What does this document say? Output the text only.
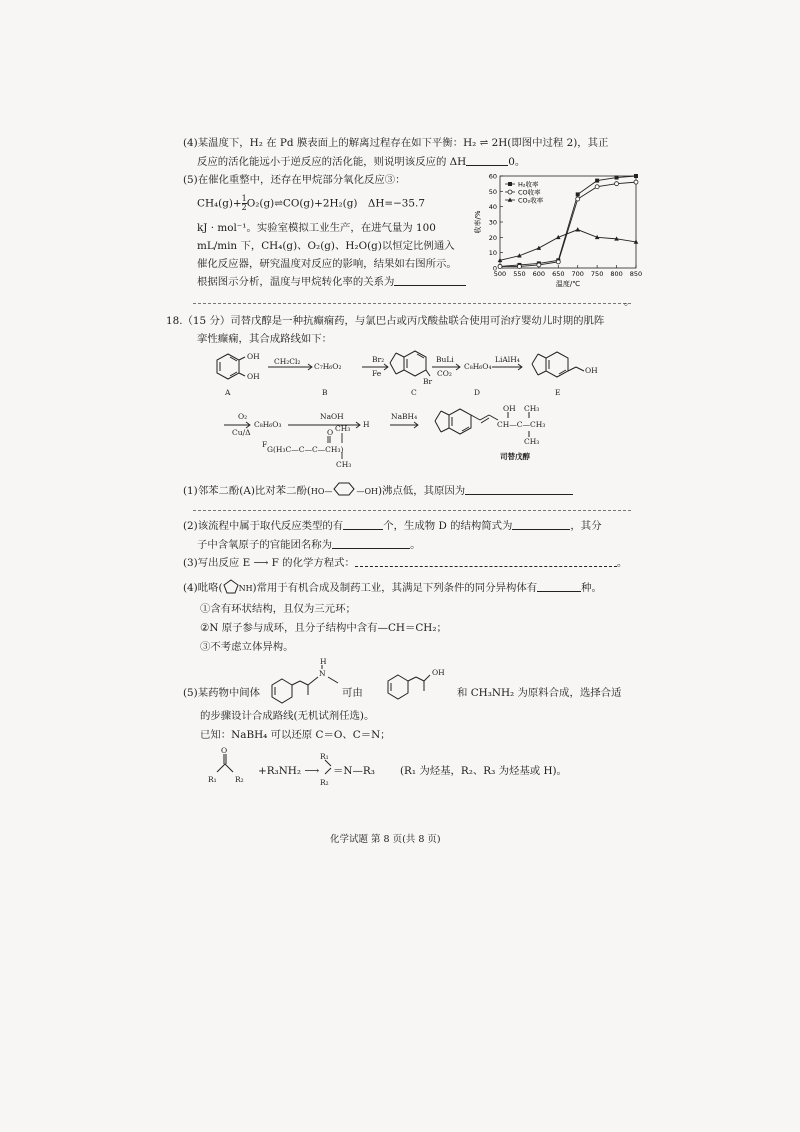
(4)某温度下，H₂ 在 Pd 膜表面上的解离过程存在如下平衡：H₂ ⇌ 2H(即图中过程 2)，其正
反应的活化能远小于逆反应的活化能，则说明该反应的 ΔH	0。
(5)在催化重整中，还存在甲烷部分氧化反应③：
$CH_4(g)+ \frac{1}{2}$ O₂(g)⇌CO(g)+2H₂(g)　ΔH=−35.7
kJ · mol⁻¹。实验室模拟工业生产，在进气量为 100
mL/min 下，CH₄(g)、O₂(g)、H₂O(g)以恒定比例通入
催化反应器，研究温度对反应的影响，结果如右图所示。
根据图示分析，温度与甲烷转化率的关系为
。
0
10
20
30
40
50
60
500 550 600 650 700 750 800 850
H₂收率
CO收率
CO₂收率
收率/%
温度/℃
18.（15 分）司替戊醇是一种抗癫痫药，与氯巴占或丙戊酸盐联合使用可治疗婴幼儿时期的肌阵
挛性癫痫，其合成路线如下：
OH
OH
A
CH₂Cl₂
C₇H₆O₂
B
Br₂
Fe
Br
C
BuLi
CO₂
C₈H₆O₄
D
LiAlH₄
OH
E
O₂
Cu/Δ
C₈H₆O₃
F
NaOH
H
NaBH₄
O CH₃
G(H₃C—C—C—CH₃)
CH₃
OH CH₃
CH—C—CH₃
CH₃
司替戊醇
(1)邻苯二酚(A)比对苯二酚(HO—	—OH)沸点低，其原因为
(2)该流程中属于取代反应类型的有	个，生成物 D 的结构简式为	，其分
子中含氧原子的官能团名称为	。
(3)写出反应 E ⟶ F 的化学方程式：	。
(4)吡咯( NH)常用于有机合成及制药工业，其满足下列条件的同分异构体有	种。
①含有环状结构，且仅为三元环；
②N 原子参与成环，且分子结构中含有—CH＝CH₂；
③不考虑立体异构。
H
N	OH
(5)某药物中间体	可由	和 CH₃NH₂ 为原料合成，选择合适
的步骤设计合成路线(无机试剂任选)。
已知：NaBH₄ 可以还原 C＝O、C＝N；
O
R₁ R₂
+R₃NH₂ ⟶
R₁
R₂
＝N—R₃ (R₁ 为烃基，R₂、R₃ 为烃基或 H)。
化学试题 第 8 页(共 8 页)
